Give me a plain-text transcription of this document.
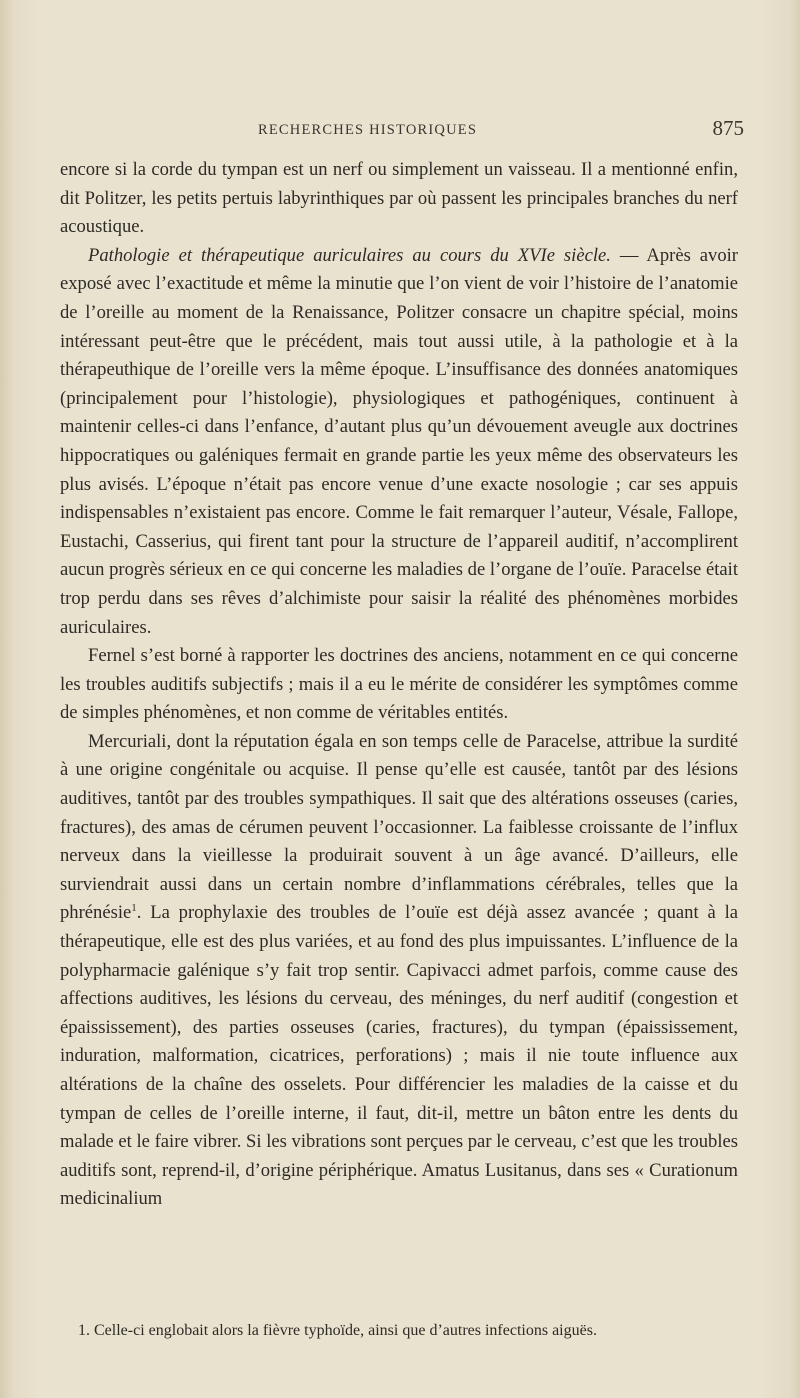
RECHERCHES HISTORIQUES	875

encore si la corde du tympan est un nerf ou simplement un vaisseau. Il a mentionné enfin, dit Politzer, les petits pertuis labyrinthiques par où passent les principales branches du nerf acoustique.

Pathologie et thérapeutique auriculaires au cours du XVIe siècle. — Après avoir exposé avec l’exactitude et même la minutie que l’on vient de voir l’histoire de l’anatomie de l’oreille au moment de la Renaissance, Politzer consacre un chapitre spécial, moins intéressant peut-être que le précédent, mais tout aussi utile, à la pathologie et à la thérapeuthique de l’oreille vers la même époque. L’insuffisance des données anatomiques (principalement pour l’histologie), physiologiques et pathogéniques, continuent à maintenir celles-ci dans l’enfance, d’autant plus qu’un dévouement aveugle aux doctrines hippocratiques ou galéniques fermait en grande partie les yeux même des observateurs les plus avisés. L’époque n’était pas encore venue d’une exacte nosologie ; car ses appuis indispensables n’existaient pas encore. Comme le fait remarquer l’auteur, Vésale, Fallope, Eustachi, Casserius, qui firent tant pour la structure de l’appareil auditif, n’accomplirent aucun progrès sérieux en ce qui concerne les maladies de l’organe de l’ouïe. Paracelse était trop perdu dans ses rêves d’alchimiste pour saisir la réalité des phénomènes morbides auriculaires.

Fernel s’est borné à rapporter les doctrines des anciens, notamment en ce qui concerne les troubles auditifs subjectifs ; mais il a eu le mérite de considérer les symptômes comme de simples phénomènes, et non comme de véritables entités.

Mercuriali, dont la réputation égala en son temps celle de Paracelse, attribue la surdité à une origine congénitale ou acquise. Il pense qu’elle est causée, tantôt par des lésions auditives, tantôt par des troubles sympathiques. Il sait que des altérations osseuses (caries, fractures), des amas de cérumen peuvent l’occasionner. La faiblesse croissante de l’influx nerveux dans la vieillesse la produirait souvent à un âge avancé. D’ailleurs, elle surviendrait aussi dans un certain nombre d’inflammations cérébrales, telles que la phrénésie$^1$. La prophylaxie des troubles de l’ouïe est déjà assez avancée ; quant à la thérapeutique, elle est des plus variées, et au fond des plus impuissantes. L’influence de la polypharmacie galénique s’y fait trop sentir. Capivacci admet parfois, comme cause des affections auditives, les lésions du cerveau, des méninges, du nerf auditif (congestion et épaississement), des parties osseuses (caries, fractures), du tympan (épaississement, induration, malformation, cicatrices, perforations) ; mais il nie toute influence aux altérations de la chaîne des osselets. Pour différencier les maladies de la caisse et du tympan de celles de l’oreille interne, il faut, dit-il, mettre un bâton entre les dents du malade et le faire vibrer. Si les vibrations sont perçues par le cerveau, c’est que les troubles auditifs sont, reprend-il, d’origine périphérique. Amatus Lusitanus, dans ses « Curationum medicinalium

1. Celle-ci englobait alors la fièvre typhoïde, ainsi que d’autres infections aiguës.
